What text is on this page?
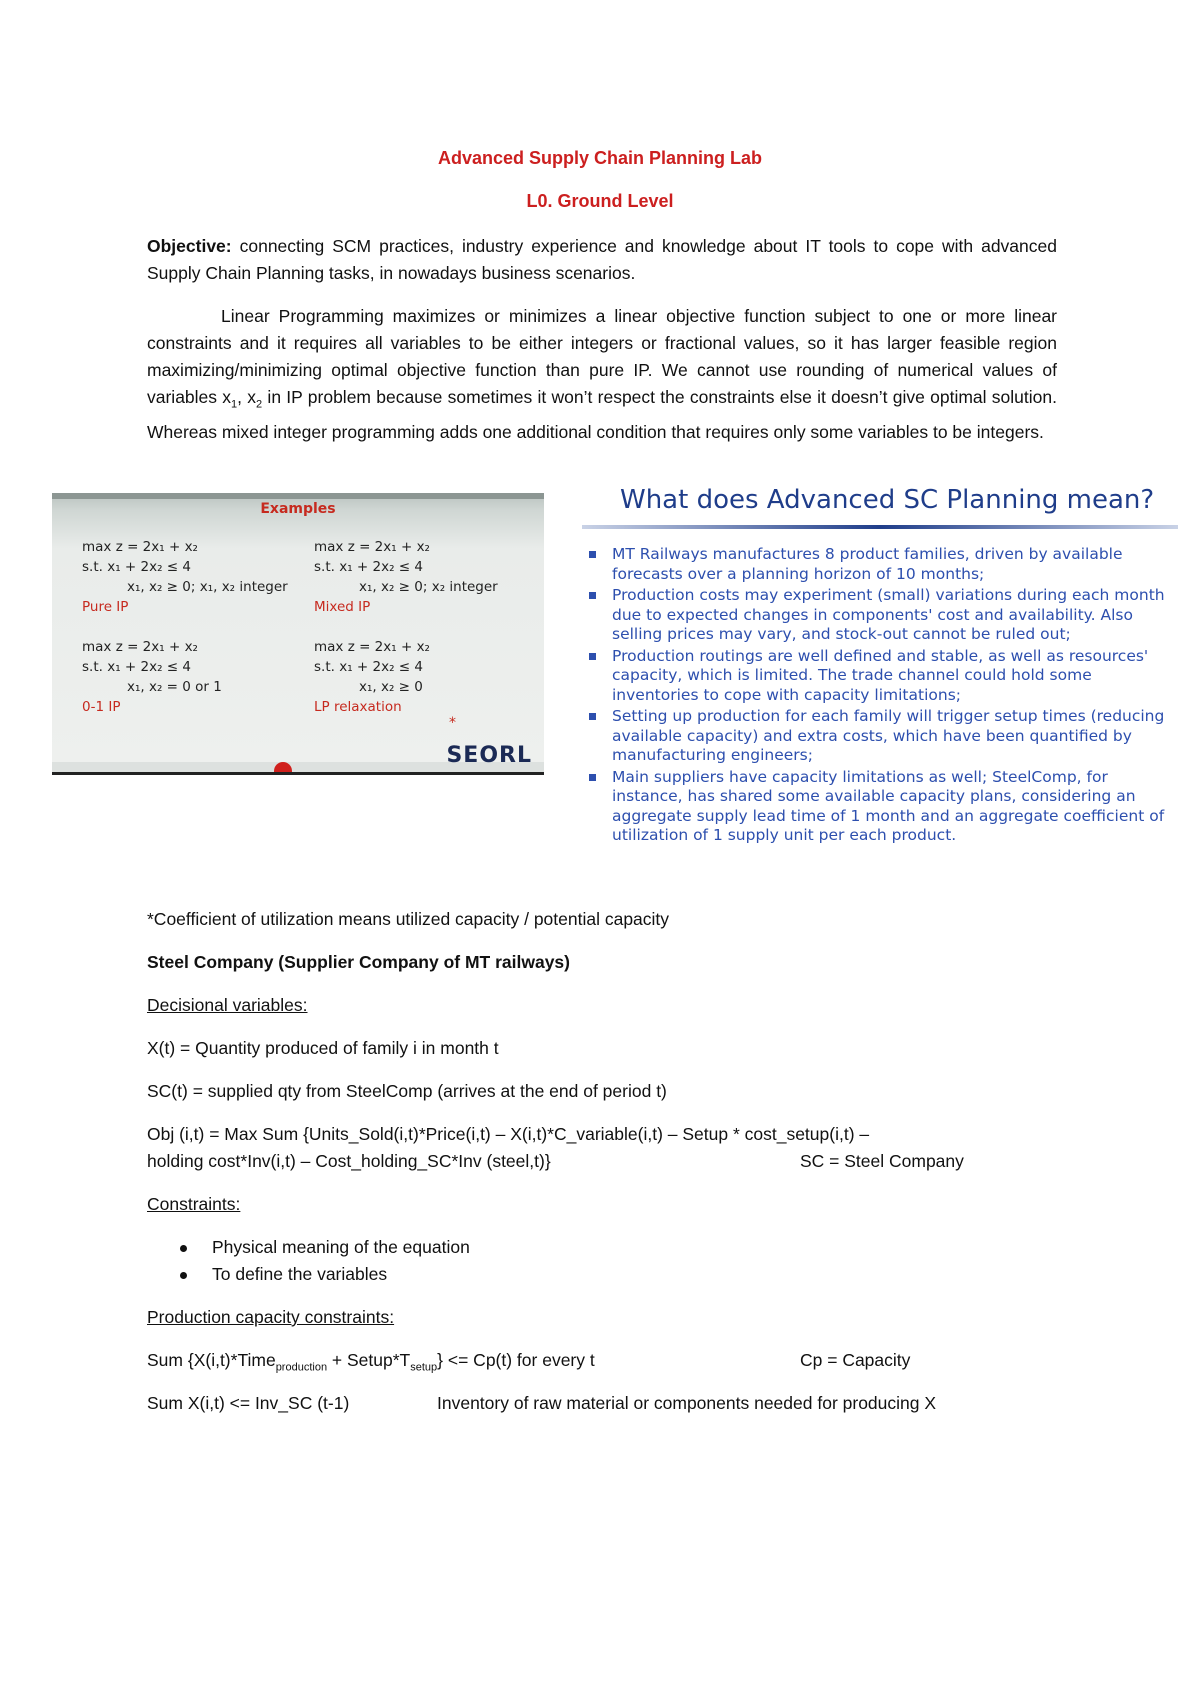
Advanced Supply Chain Planning Lab
L0. Ground Level
Objective: connecting SCM practices, industry experience and knowledge about IT tools to cope with advanced Supply Chain Planning tasks, in nowadays business scenarios.
Linear Programming maximizes or minimizes a linear objective function subject to one or more linear constraints and it requires all variables to be either integers or fractional values, so it has larger feasible region maximizing/minimizing optimal objective function than pure IP. We cannot use rounding of numerical values of variables $x_1$, $x_2$ in IP problem because sometimes it won’t respect the constraints else it doesn’t give optimal solution. Whereas mixed integer programming adds one additional condition that requires only some variables to be integers.
Examples
max z = 2x₁ + x₂
s.t. x₁ + 2x₂ ≤ 4
x₁, x₂ ≥ 0; x₁, x₂ integer
Pure IP
max z = 2x₁ + x₂
s.t. x₁ + 2x₂ ≤ 4
x₁, x₂ ≥ 0; x₂ integer
Mixed IP
max z = 2x₁ + x₂
s.t. x₁ + 2x₂ ≤ 4
x₁, x₂ = 0 or 1
0-1 IP
max z = 2x₁ + x₂
s.t. x₁ + 2x₂ ≤ 4
x₁, x₂ ≥ 0
LP relaxation
*
SEORL
What does Advanced SC Planning mean?
MT Railways manufactures 8 product families, driven by available forecasts over a planning horizon of 10 months;
Production costs may experiment (small) variations during each month due to expected changes in components' cost and availability. Also selling prices may vary, and stock-out cannot be ruled out;
Production routings are well defined and stable, as well as resources' capacity, which is limited. The trade channel could hold some inventories to cope with capacity limitations;
Setting up production for each family will trigger setup times (reducing available capacity) and extra costs, which have been quantified by manufacturing engineers;
Main suppliers have capacity limitations as well; SteelComp, for instance, has shared some available capacity plans, considering an aggregate supply lead time of 1 month and an aggregate coefficient of utilization of 1 supply unit per each product.
*Coefficient of utilization means utilized capacity / potential capacity
Steel Company (Supplier Company of MT railways)
Decisional variables:
X(t) = Quantity produced of family i in month t
SC(t) = supplied qty from SteelComp (arrives at the end of period t)
Obj (i,t) = Max Sum {Units_Sold(i,t)*Price(i,t) – X(i,t)*C_variable(i,t) – Setup * cost_setup(i,t) –
holding cost*Inv(i,t) – Cost_holding_SC*Inv (steel,t)}	SC = Steel Company
Constraints:
Physical meaning of the equation
To define the variables
Production capacity constraints:
Sum {X(i,t)*Time$_{production}$ + $Setup*T_{setup}\} <= Cp(t)$ for every t	Cp = Capacity
Sum X(i,t) <= Inv_SC (t-1)	Inventory of raw material or components needed for producing X
